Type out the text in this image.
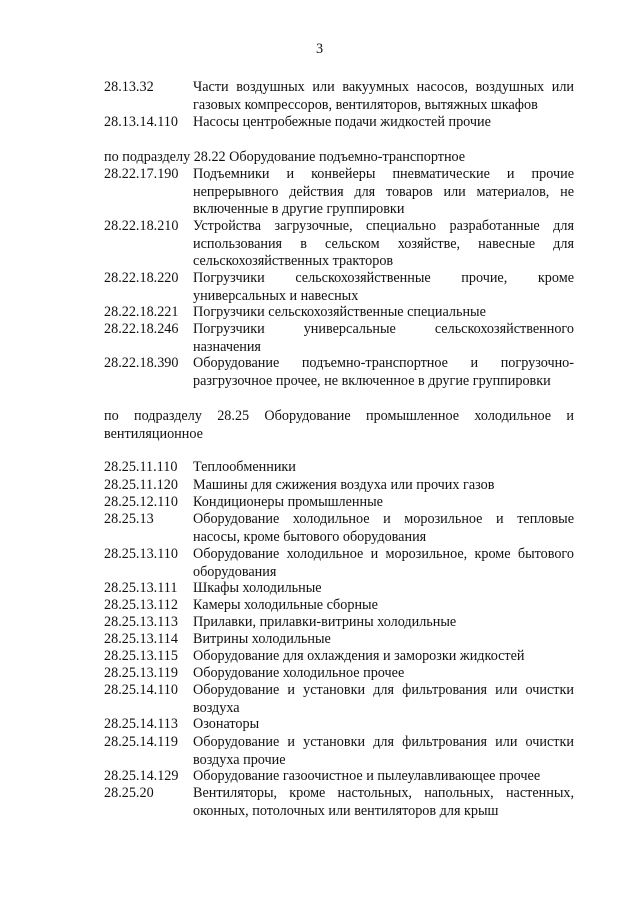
3
28.13.32	Части воздушных или вакуумных насосов, воздушных или газовых компрессоров, вентиляторов, вытяжных шкафов
28.13.14.110 Насосы центробежные подачи жидкостей прочие
по подразделу 28.22 Оборудование подъемно-транспортное
28.22.17.190 Подъемники и конвейеры пневматические и прочие непрерывного действия для товаров или материалов, не включенные в другие группировки
28.22.18.210 Устройства загрузочные, специально разработанные для использования в сельском хозяйстве, навесные для сельскохозяйственных тракторов
28.22.18.220 Погрузчики сельскохозяйственные прочие, кроме универсальных и навесных
28.22.18.221 Погрузчики сельскохозяйственные специальные
28.22.18.246 Погрузчики универсальные сельскохозяйственного назначения
28.22.18.390 Оборудование подъемно-транспортное и погрузочно-разгрузочное прочее, не включенное в другие группировки
по подразделу 28.25 Оборудование промышленное холодильное и вентиляционное
28.25.11.110 Теплообменники
28.25.11.120 Машины для сжижения воздуха или прочих газов
28.25.12.110 Кондиционеры промышленные
28.25.13	Оборудование холодильное и морозильное и тепловые насосы, кроме бытового оборудования
28.25.13.110 Оборудование холодильное и морозильное, кроме бытового оборудования
28.25.13.111 Шкафы холодильные
28.25.13.112 Камеры холодильные сборные
28.25.13.113 Прилавки, прилавки-витрины холодильные
28.25.13.114 Витрины холодильные
28.25.13.115 Оборудование для охлаждения и заморозки жидкостей
28.25.13.119 Оборудование холодильное прочее
28.25.14.110 Оборудование и установки для фильтрования или очистки воздуха
28.25.14.113 Озонаторы
28.25.14.119 Оборудование и установки для фильтрования или очистки воздуха прочие
28.25.14.129 Оборудование газоочистное и пылеулавливающее прочее
28.25.20	Вентиляторы, кроме настольных, напольных, настенных, оконных, потолочных или вентиляторов для крыш
